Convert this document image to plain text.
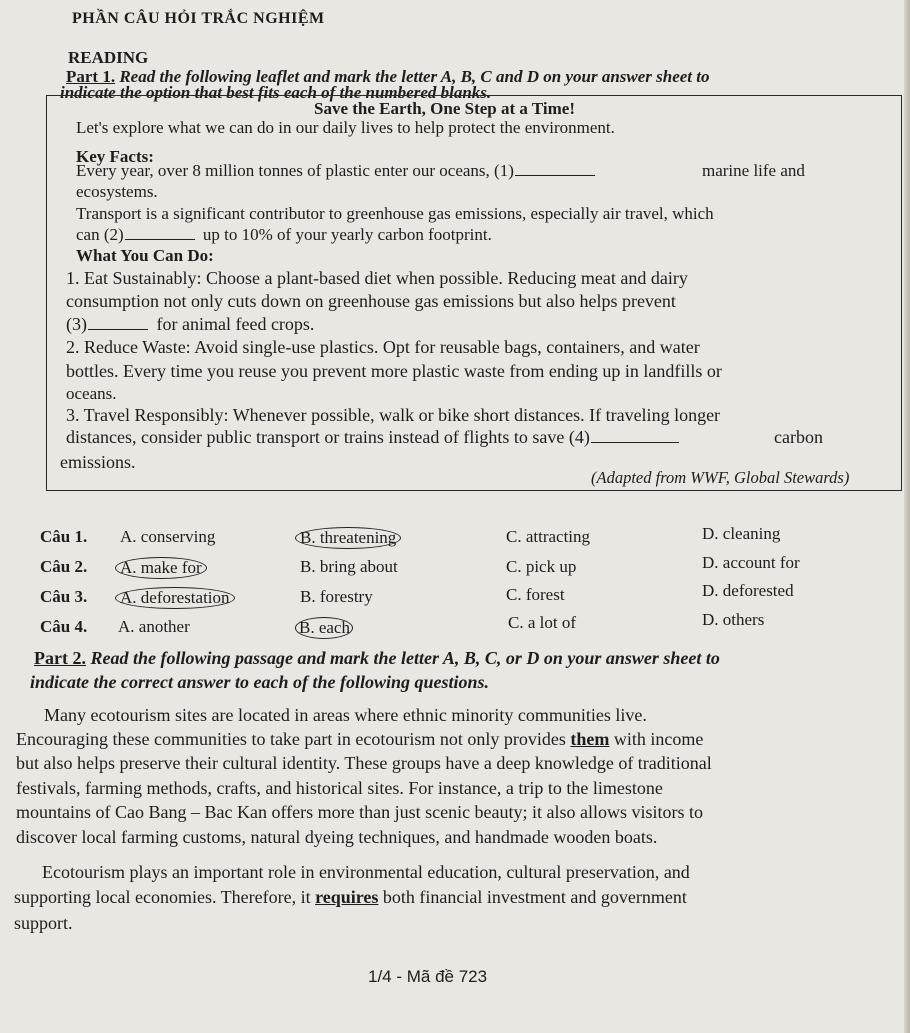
PHẦN CÂU HỎI TRẮC NGHIỆM
READING
Part 1. Read the following leaflet and mark the letter A, B, C and D on your answer sheet to
indicate the option that best fits each of the numbered blanks.
Save the Earth, One Step at a Time!
Let's explore what we can do in our daily lives to help protect the environment.
Key Facts:
Every year, over 8 million tonnes of plastic enter our oceans, (1)	marine life and
ecosystems.
Transport is a significant contributor to greenhouse gas emissions, especially air travel, which
can (2)	up to 10% of your yearly carbon footprint.
What You Can Do:
1. Eat Sustainably: Choose a plant-based diet when possible. Reducing meat and dairy
consumption not only cuts down on greenhouse gas emissions but also helps prevent
(3)	for animal feed crops.
2. Reduce Waste: Avoid single-use plastics. Opt for reusable bags, containers, and water
bottles. Every time you reuse you prevent more plastic waste from ending up in landfills or
oceans.
3. Travel Responsibly: Whenever possible, walk or bike short distances. If traveling longer
distances, consider public transport or trains instead of flights to save (4)	carbon
emissions.
(Adapted from WWF, Global Stewards)
Câu 1. A. conserving	B. threatening	C. attracting	D. cleaning
Câu 2. A. make for	B. bring about	C. pick up	D. account for
Câu 3. A. deforestation	B. forestry	C. forest	D. deforested
Câu 4. A. another	B. each	C. a lot of	D. others
Part 2. Read the following passage and mark the letter A, B, C, or D on your answer sheet to
indicate the correct answer to each of the following questions.
Many ecotourism sites are located in areas where ethnic minority communities live.
Encouraging these communities to take part in ecotourism not only provides them with income
but also helps preserve their cultural identity. These groups have a deep knowledge of traditional
festivals, farming methods, crafts, and historical sites. For instance, a trip to the limestone
mountains of Cao Bang – Bac Kan offers more than just scenic beauty; it also allows visitors to
discover local farming customs, natural dyeing techniques, and handmade wooden boats.
Ecotourism plays an important role in environmental education, cultural preservation, and
supporting local economies. Therefore, it requires both financial investment and government
support.
1/4 - Mã đề 723
